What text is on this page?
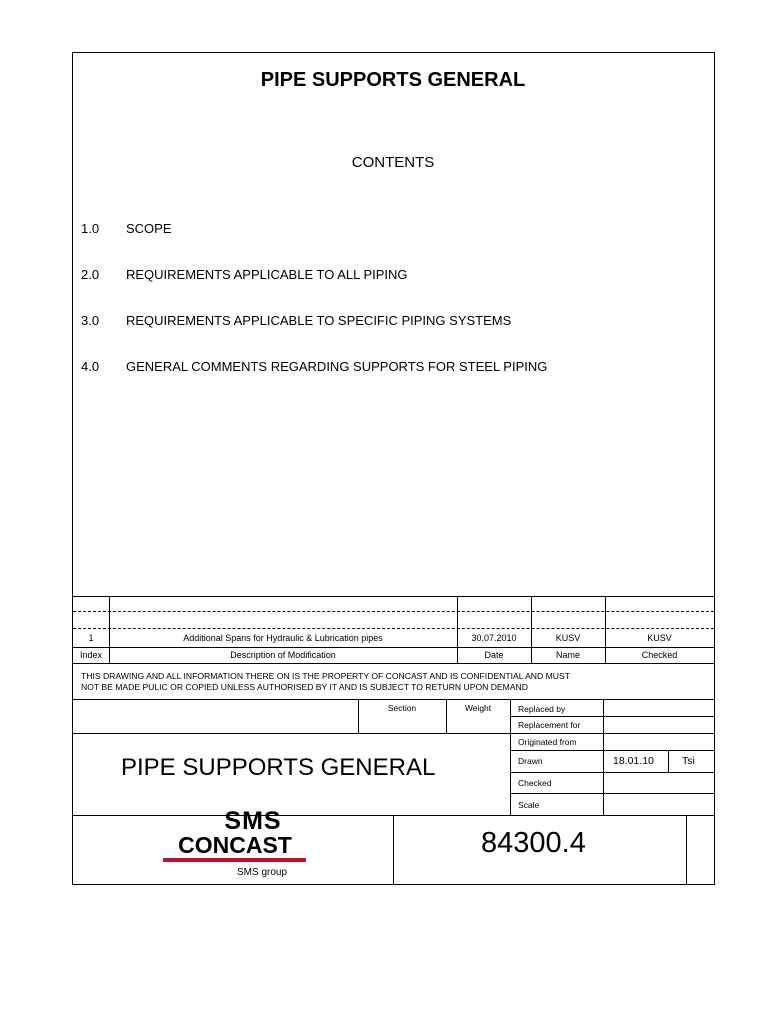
PIPE SUPPORTS GENERAL
CONTENTS
1.0 SCOPE
2.0 REQUIREMENTS APPLICABLE TO ALL PIPING
3.0 REQUIREMENTS APPLICABLE TO SPECIFIC PIPING SYSTEMS
4.0 GENERAL COMMENTS REGARDING SUPPORTS FOR STEEL PIPING
1	Additional Spans for Hydraulic & Lubrication pipes	30.07.2010	KUSV	KUSV
Index	Description of Modification	Date	Name	Checked
THIS DRAWING AND ALL INFORMATION THERE ON IS THE PROPERTY OF CONCAST AND IS CONFIDENTIAL AND MUST
NOT BE MADE PULIC OR COPIED UNLESS AUTHORISED BY IT AND IS SUBJECT TO RETURN UPON DEMAND
Section	Weight	Replaced by
Replacement for
Originated from
Drawn	18.01.10	Tsi
Checked
Scale
PIPE SUPPORTS GENERAL
SMS
CONCAST
SMS group
84300.4
